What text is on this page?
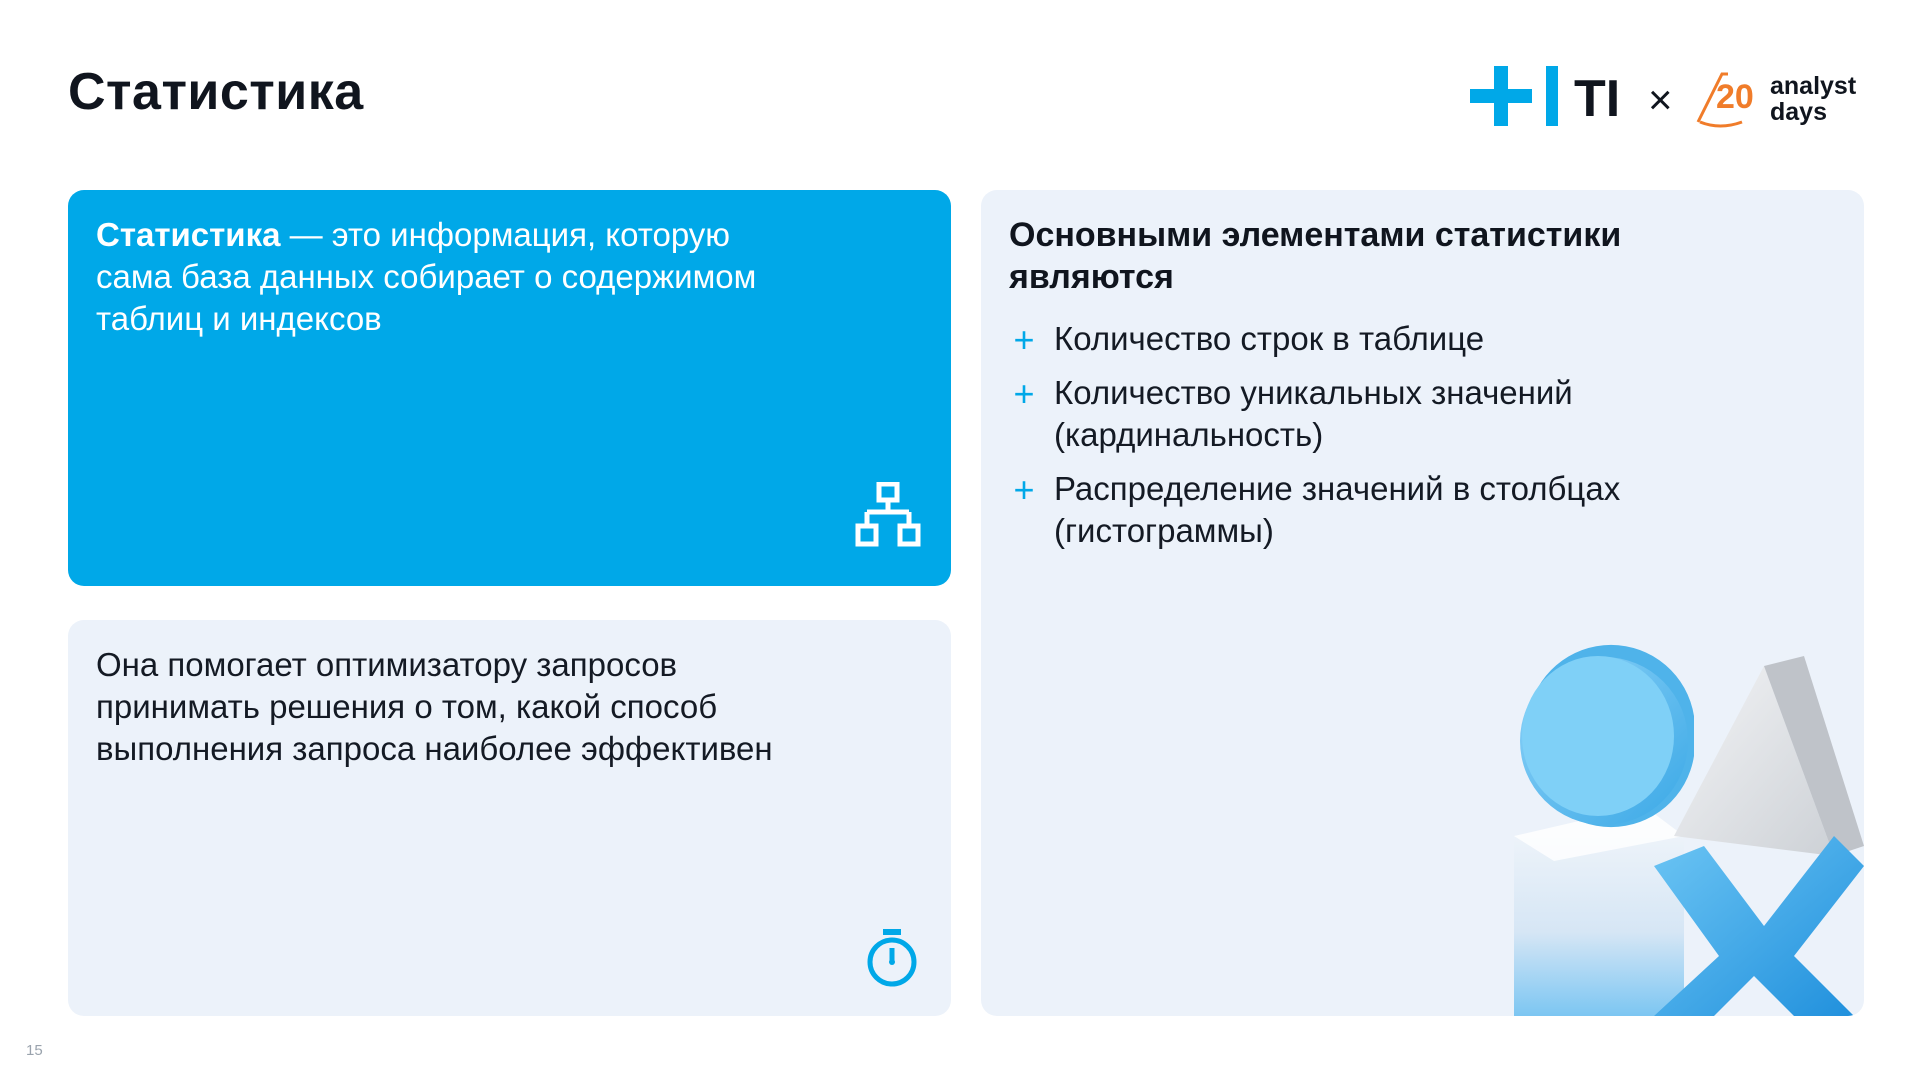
Статистика	TI × 20 analyst
days

Статистика — это информация, которую сама база данных собирает о содержимом таблиц и индексов

Она помогает оптимизатору запросов принимать решения о том, какой способ выполнения запроса наиболее эффективен

Основными элементами статистики являются
+ Количество строк в таблице
+ Количество уникальных значений (кардинальность)
+ Распределение значений в столбцах (гистограммы)
15
